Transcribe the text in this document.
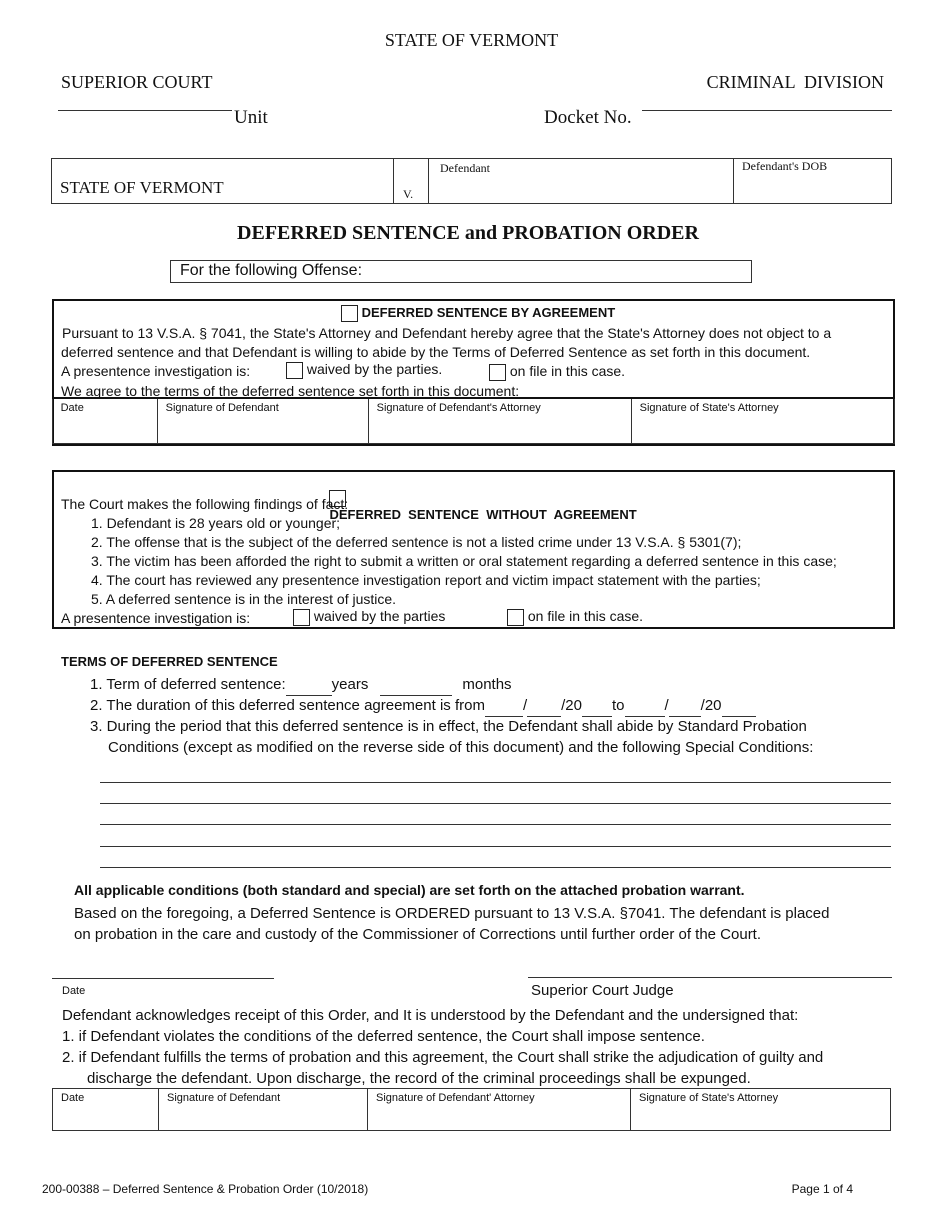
STATE OF VERMONT
SUPERIOR COURT	CRIMINAL  DIVISION
Unit	Docket No.
STATE OF VERMONT	V.
Defendant	Defendant's DOB
DEFERRED SENTENCE and PROBATION ORDER
For the following Offense:
DEFERRED SENTENCE BY AGREEMENT
Pursuant to 13 V.S.A. § 7041, the State's Attorney and Defendant hereby agree that the State's Attorney does not object to a
deferred sentence and that Defendant is willing to abide by the Terms of Deferred Sentence as set forth in this document.
A presentence investigation is:	waived by the parties.	on file in this case.
We agree to the terms of the deferred sentence set forth in this document:
Date	Signature of Defendant	Signature of Defendant's Attorney	Signature of State's Attorney

DEFERRED  SENTENCE  WITHOUT  AGREEMENT

The Court makes the following findings of fact:
1. Defendant is 28 years old or younger;
2. The offense that is the subject of the deferred sentence is not a listed crime under 13 V.S.A. § 5301(7);
3. The victim has been afforded the right to submit a written or oral statement regarding a deferred sentence in this case;
4. The court has reviewed any presentence investigation report and victim impact statement with the parties;
5. A deferred sentence is in the interest of justice.
A presentence investigation is:	waived by the parties	on file in this case.
TERMS OF DEFERRED SENTENCE
1. Term of deferred sentence:	years	months
2. The duration of this deferred sentence agreement is from	/ /20 to	/ /20
3. During the period that this deferred sentence is in effect, the Defendant shall abide by Standard Probation
Conditions (except as modified on the reverse side of this document) and the following Special Conditions:
All applicable conditions (both standard and special) are set forth on the attached probation warrant.
Based on the foregoing, a Deferred Sentence is ORDERED pursuant to 13 V.S.A. §7041. The defendant is placed
on probation in the care and custody of the Commissioner of Corrections until further order of the Court.
Date	Superior Court Judge
Defendant acknowledges receipt of this Order, and It is understood by the Defendant and the undersigned that:
1. if Defendant violates the conditions of the deferred sentence, the Court shall impose sentence.
2. if Defendant fulfills the terms of probation and this agreement, the Court shall strike the adjudication of guilty and
discharge the defendant. Upon discharge, the record of the criminal proceedings shall be expunged.
Date	Signature of Defendant	Signature of Defendant' Attorney	Signature of State's Attorney
200-00388 – Deferred Sentence & Probation Order (10/2018)	Page 1 of 4
